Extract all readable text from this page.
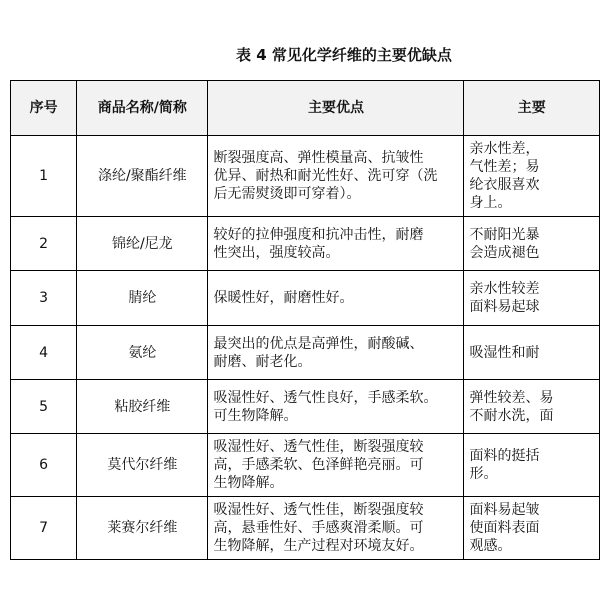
表 4 常见化学纤维的主要优缺点
序号	商品名称/简称	主要优点	主要

1	涤纶/聚酯纤维	断裂强度高、弹性模量高、抗皱性
优异、耐热和耐光性好、洗可穿（洗
后无需熨烫即可穿着）。	亲水性差，
气性差；易
纶衣服喜欢
身上。

2	锦纶/尼龙	较好的拉伸强度和抗冲击性，耐磨
性突出，强度较高。	不耐阳光暴
会造成褪色

3	腈纶	保暖性好，耐磨性好。	亲水性较差
面料易起球

4	氨纶	最突出的优点是高弹性，耐酸碱、
耐磨、耐老化。	吸湿性和耐

5	粘胶纤维	吸湿性好、透气性良好，手感柔软。
可生物降解。	弹性较差、易
不耐水洗，面

6	莫代尔纤维	吸湿性好、透气性佳，断裂强度较
高，手感柔软、色泽鲜艳亮丽。可
生物降解。	面料的挺括
形。

7	莱赛尔纤维	吸湿性好、透气性佳，断裂强度较
高，悬垂性好、手感爽滑柔顺。可
生物降解，生产过程对环境友好。	面料易起皱
使面料表面
观感。
